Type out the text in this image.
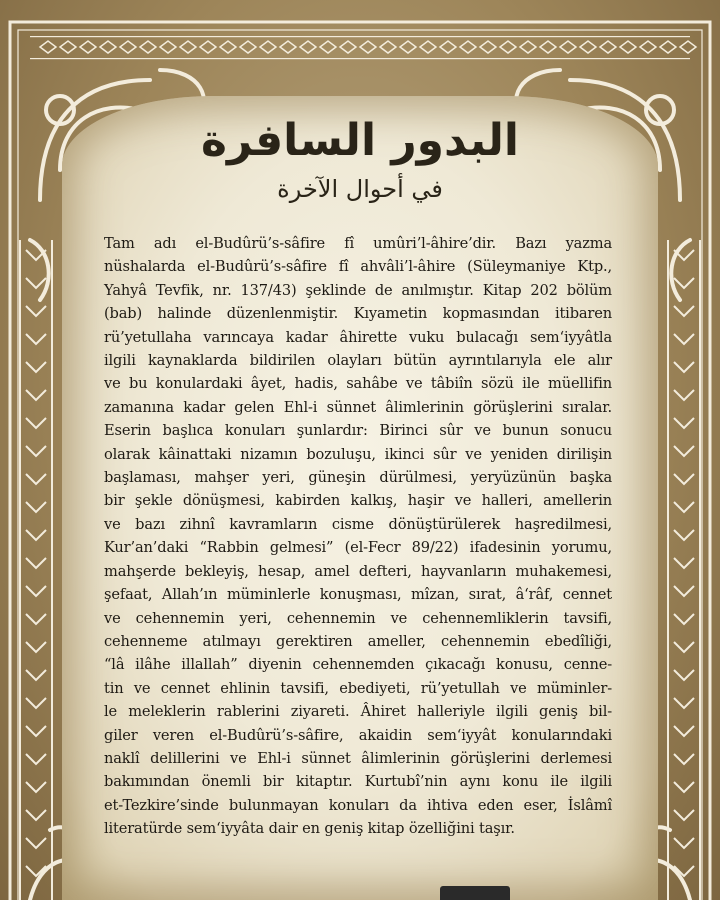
البدور السافرة
في أحوال الآخرة
Tam adı el-Budûrü’s-sâfire fî umûri’l-âhire’dir. Bazı yazma
nüshalarda el-Budûrü’s-sâfire fî ahvâli’l-âhire (Süleymaniye Ktp.,
Yahyâ Tevfik, nr. 137/43) şeklinde de anılmıştır. Kitap 202 bölüm
(bab) halinde düzenlenmiştir. Kıyametin kopmasından itibaren
rü’yetullaha varıncaya kadar âhirette vuku bulacağı sem‘iyyâtla
ilgili kaynaklarda bildirilen olayları bütün ayrıntılarıyla ele alır
ve bu konulardaki âyet, hadis, sahâbe ve tâbiîn sözü ile müellifin
zamanına kadar gelen Ehl-i sünnet âlimlerinin görüşlerini sıralar.
Eserin başlıca konuları şunlardır: Birinci sûr ve bunun sonucu
olarak kâinattaki nizamın bozuluşu, ikinci sûr ve yeniden dirilişin
başlaması, mahşer yeri, güneşin dürülmesi, yeryüzünün başka
bir şekle dönüşmesi, kabirden kalkış, haşir ve halleri, amellerin
ve bazı zihnî kavramların cisme dönüştürülerek haşredilmesi,
Kur’an’daki “Rabbin gelmesi” (el-Fecr 89/22) ifadesinin yorumu,
mahşerde bekleyiş, hesap, amel defteri, hayvanların muhakemesi,
şefaat, Allah’ın müminlerle konuşması, mîzan, sırat, â‘râf, cennet
ve cehennemin yeri, cehennemin ve cehennemliklerin tavsifi,
cehenneme atılmayı gerektiren ameller, cehennemin ebedîliği,
“lâ ilâhe illallah” diyenin cehennemden çıkacağı konusu, cenne-
tin ve cennet ehlinin tavsifi, ebediyeti, rü’yetullah ve müminler-
le meleklerin rablerini ziyareti. Âhiret halleriyle ilgili geniş bil-
giler veren el-Budûrü’s-sâfire, akaidin sem‘iyyât konularındaki
naklî delillerini ve Ehl-i sünnet âlimlerinin görüşlerini derlemesi
bakımından önemli bir kitaptır. Kurtubî’nin aynı konu ile ilgili
et-Tezkire’sinde bulunmayan konuları da ihtiva eden eser, İslâmî
literatürde sem‘iyyâta dair en geniş kitap özelliğini taşır.
